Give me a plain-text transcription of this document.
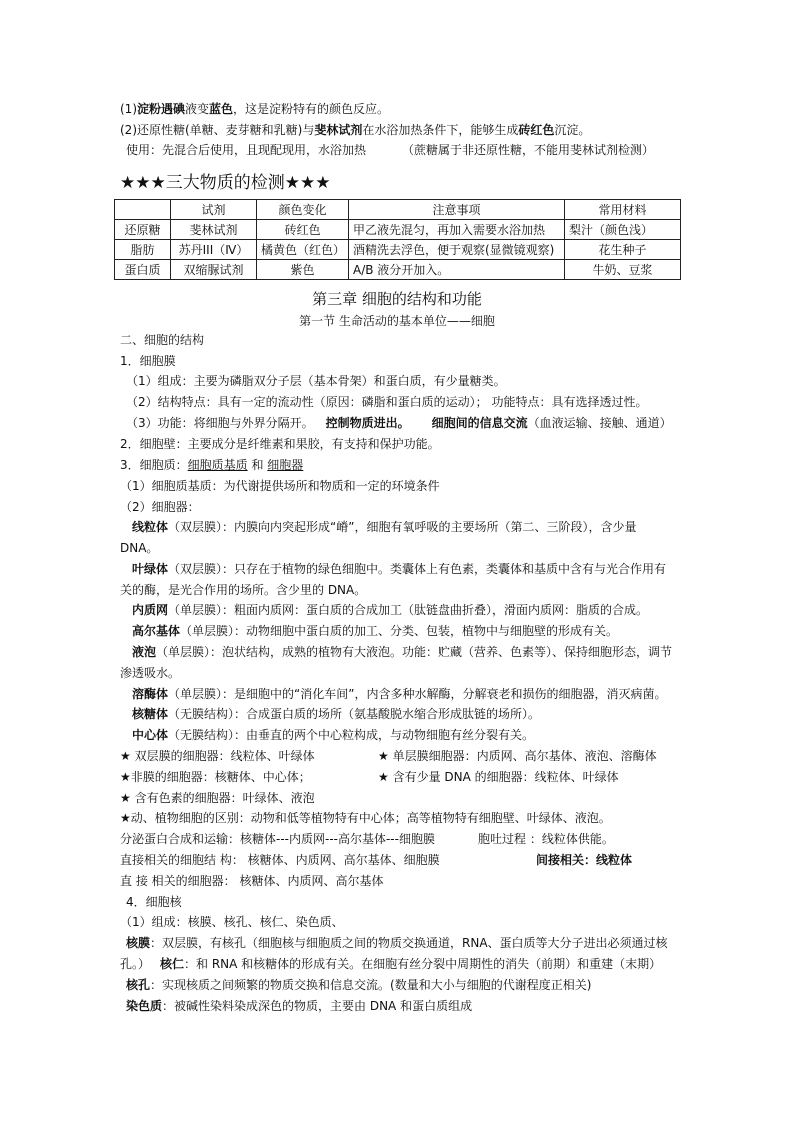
(1)淀粉遇碘液变蓝色，这是淀粉特有的颜色反应。
(2)还原性糖(单糖、麦芽糖和乳糖)与斐林试剂在水浴加热条件下，能够生成砖红色沉淀。
使用：先混合后使用，且现配现用，水浴加热	（蔗糖属于非还原性糖，不能用斐林试剂检测）
★★★三大物质的检测★★★
	试剂	颜色变化	注意事项	常用材料
还原糖	斐林试剂	砖红色	甲乙液先混匀，再加入需要水浴加热	梨汁（颜色浅）
脂肪	苏丹III（Ⅳ）	橘黄色（红色）	酒精洗去浮色，便于观察(显微镜观察)	花生种子
蛋白质	双缩脲试剂	紫色	A/B 液分开加入。	牛奶、豆浆
第三章 细胞的结构和功能
第一节 生命活动的基本单位——细胞
二、细胞的结构
1．细胞膜
（1）组成：主要为磷脂双分子层（基本骨架）和蛋白质，有少量糖类。
（2）结构特点：具有一定的流动性（原因：磷脂和蛋白质的运动）； 功能特点：具有选择透过性。
（3）功能：将细胞与外界分隔开。 控制物质进出。 细胞间的信息交流（血液运输、接触、通道）
2．细胞壁：主要成分是纤维素和果胶，有支持和保护功能。
3．细胞质：细胞质基质 和 细胞器
（1）细胞质基质：为代谢提供场所和物质和一定的环境条件
（2）细胞器：
线粒体（双层膜）：内膜向内突起形成“嵴”，细胞有氧呼吸的主要场所（第二、三阶段），含少量
DNA。
叶绿体（双层膜）：只存在于植物的绿色细胞中。类囊体上有色素，类囊体和基质中含有与光合作用有
关的酶，是光合作用的场所。含少里的 DNA。
内质网（单层膜）：粗面内质网：蛋白质的合成加工（肽链盘曲折叠），滑面内质网：脂质的合成。
高尔基体（单层膜）：动物细胞中蛋白质的加工、分类、包装，植物中与细胞壁的形成有关。
液泡（单层膜）：泡状结构，成熟的植物有大液泡。功能：贮藏（营养、色素等）、保持细胞形态，调节
渗透吸水。
溶酶体（单层膜）：是细胞中的“消化车间”，内含多种水解酶，分解衰老和损伤的细胞器，消灭病菌。
核糖体（无膜结构）：合成蛋白质的场所（氨基酸脱水缩合形成肽链的场所）。
中心体（无膜结构）：由垂直的两个中心粒构成，与动物细胞有丝分裂有关。
★ 双层膜的细胞器：线粒体、叶绿体	★ 单层膜细胞器：内质网、高尔基体、液泡、溶酶体
★非膜的细胞器：核糖体、中心体；	★ 含有少量 DNA 的细胞器：线粒体、叶绿体
★ 含有色素的细胞器：叶绿体、液泡
★动、植物细胞的区别：动物和低等植物特有中心体；高等植物特有细胞壁、叶绿体、液泡。
分泌蛋白合成和运输：核糖体---内质网---高尔基体---细胞膜	胞吐过程 ：线粒体供能。
直接相关的细胞结 构： 核糖体、内质网、高尔基体、细胞膜	间接相关：线粒体
直 接 相关的细胞器： 核糖体、内质网、高尔基体
4．细胞核
（1）组成：核膜、核孔、核仁、染色质、
核膜：双层膜，有核孔（细胞核与细胞质之间的物质交换通道，RNA、蛋白质等大分子进出必须通过核
孔。） 核仁：和 RNA 和核糖体的形成有关。在细胞有丝分裂中周期性的消失（前期）和重建（末期）
核孔：实现核质之间频繁的物质交换和信息交流。(数量和大小与细胞的代谢程度正相关)
染色质：被碱性染料染成深色的物质，主要由 DNA 和蛋白质组成
